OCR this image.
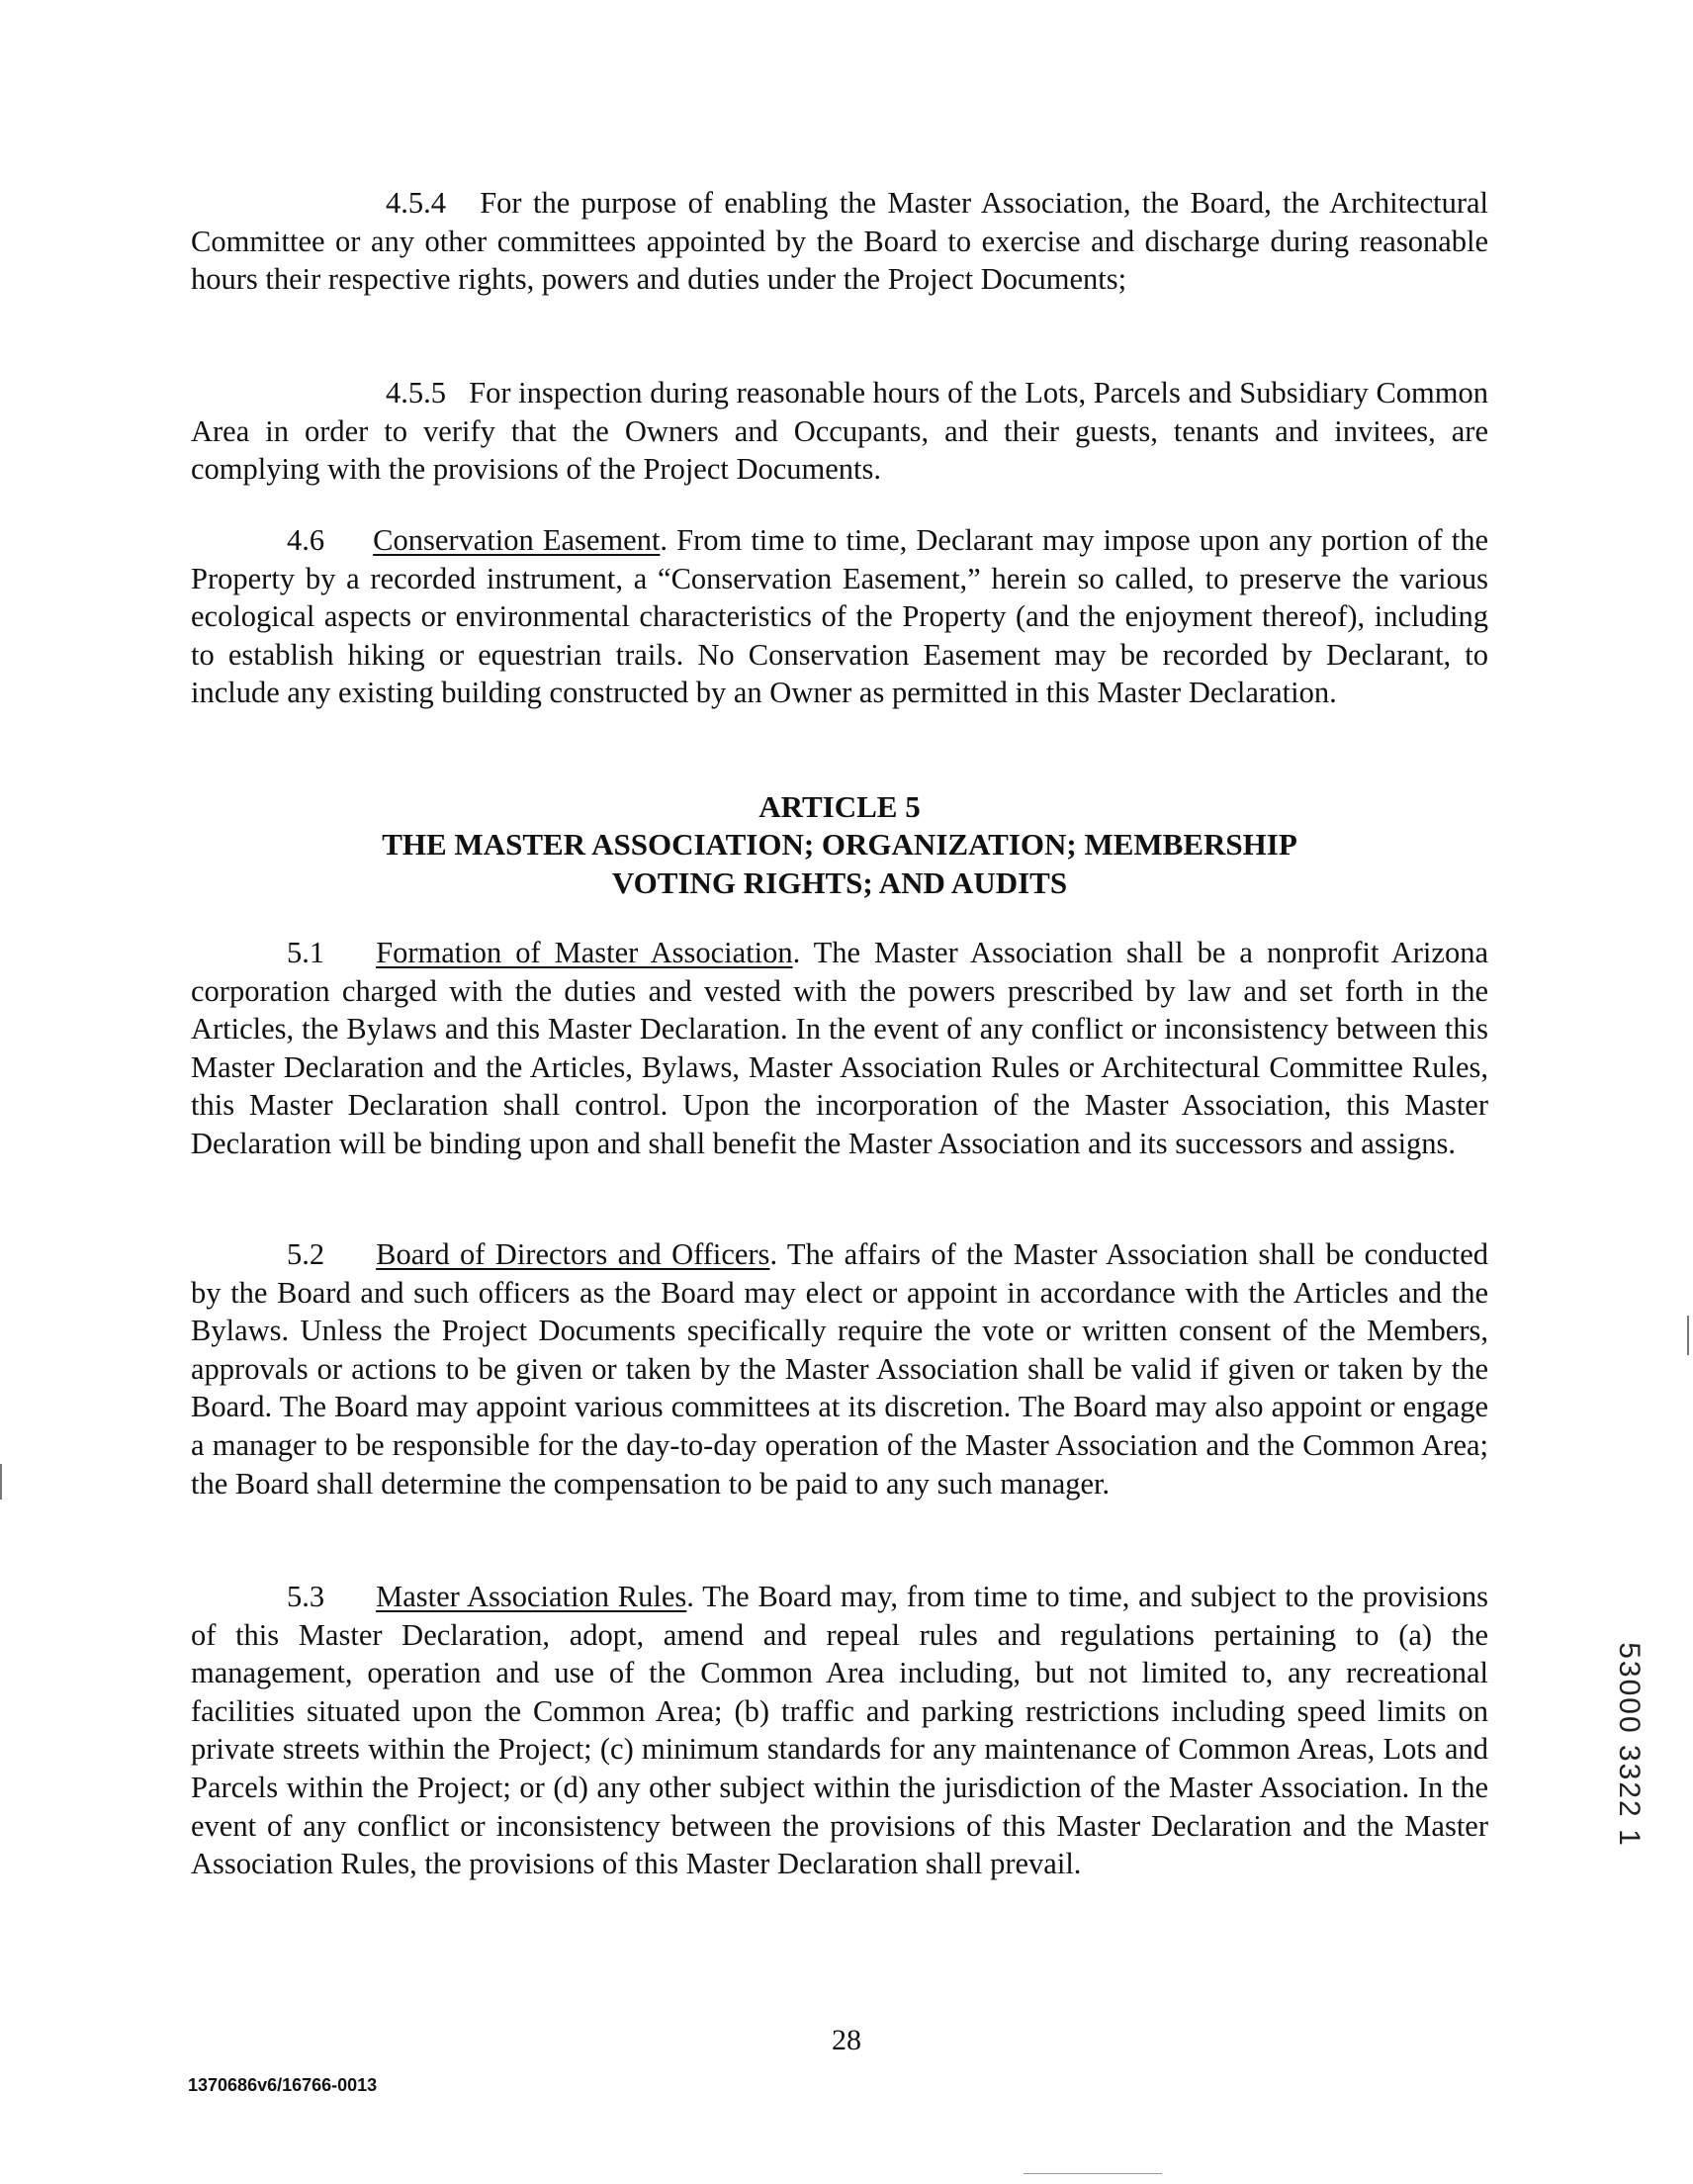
4.5.4 For the purpose of enabling the Master Association, the Board, the Architectural Committee or any other committees appointed by the Board to exercise and discharge during reasonable hours their respective rights, powers and duties under the Project Documents;

4.5.5 For inspection during reasonable hours of the Lots, Parcels and Subsidiary Common Area in order to verify that the Owners and Occupants, and their guests, tenants and invitees, are complying with the provisions of the Project Documents.

4.6 Conservation Easement. From time to time, Declarant may impose upon any portion of the Property by a recorded instrument, a “Conservation Easement,” herein so called, to preserve the various ecological aspects or environmental characteristics of the Property (and the enjoyment thereof), including to establish hiking or equestrian trails. No Conservation Easement may be recorded by Declarant, to include any existing building constructed by an Owner as permitted in this Master Declaration.

ARTICLE 5

THE MASTER ASSOCIATION; ORGANIZATION; MEMBERSHIP

VOTING RIGHTS; AND AUDITS

5.1 Formation of Master Association. The Master Association shall be a nonprofit Arizona corporation charged with the duties and vested with the powers prescribed by law and set forth in the Articles, the Bylaws and this Master Declaration. In the event of any conflict or inconsistency between this Master Declaration and the Articles, Bylaws, Master Association Rules or Architectural Committee Rules, this Master Declaration shall control. Upon the incorporation of the Master Association, this Master Declaration will be binding upon and shall benefit the Master Association and its successors and assigns.

5.2 Board of Directors and Officers. The affairs of the Master Association shall be conducted by the Board and such officers as the Board may elect or appoint in accordance with the Articles and the Bylaws. Unless the Project Documents specifically require the vote or written consent of the Members, approvals or actions to be given or taken by the Master Association shall be valid if given or taken by the Board. The Board may appoint various committees at its discretion. The Board may also appoint or engage a manager to be responsible for the day-to-day operation of the Master Association and the Common Area; the Board shall determine the compensation to be paid to any such manager.

5.3 Master Association Rules. The Board may, from time to time, and subject to the provisions of this Master Declaration, adopt, amend and repeal rules and regulations pertaining to (a) the management, operation and use of the Common Area including, but not limited to, any recreational facilities situated upon the Common Area; (b) traffic and parking restrictions including speed limits on private streets within the Project; (c) minimum standards for any maintenance of Common Areas, Lots and Parcels within the Project; or (d) any other subject within the jurisdiction of the Master Association. In the event of any conflict or inconsistency between the provisions of this Master Declaration and the Master Association Rules, the provisions of this Master Declaration shall prevail.

53000 3322 1

28

1370686v6/16766-0013
